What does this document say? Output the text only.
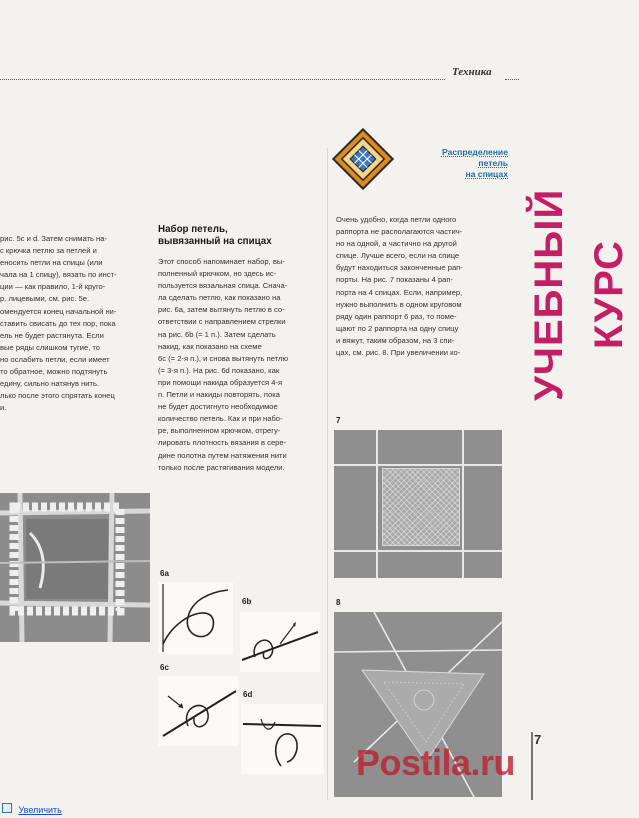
Техника
рис. 5с и d. Затем снимать на-
с крючка петлю за петлей и
еносить петли на спицы (или
чала на 1 спицу), вязать по инст-
ции — как правило, 1-й круго-
р. лицевыми, см. рис. 5е.
омендуется конец начальной ни-
ставить свисать до тех пор, пока
ель не будет растянута. Если
вые ряды слишком тугие, то
но ослабить петли, если имеет
то обратное, можно подтянуть
едину, сильно натянув нить.
лько после этого спрятать конец
и.
Набор петель,
вывязанный на спицах
Этот способ напоминает набор, вы-
полненный крючком, но здесь ис-
пользуется вязальная спица. Сначa-
ла сделать петлю, как показано на
рис. 6а, затем вытянуть петлю в со-
ответствии с направлением стрелки
на рис. 6b (= 1 п.). Затем сделать
накид, как показано на схеме
6c (= 2-я п.), и снова вытянуть петлю
(= 3-я п.). На рис. 6d показано, как
при помощи накида образуется 4-я
п. Петли и накиды повторять, пока
не будет достигнуто необходимое
количество петель. Как и при набо-
ре, выполненном крючком, отрегу-
лировать плотность вязания в сере-
дине полотна путем натяжения нити
только после растягивания модели.
6a
6b
6c
6d
Распределение
петель
на спицах
Очень удобно, когда петли одного
раппорта не располагаются частич-
но на одной, а частично на другой
спице. Лучше всего, если на спице
будут находиться законченные рап-
порты. На рис. 7 показаны 4 рап-
порта на 4 спицах. Если, например,
нужно выполнить в одном круговом
ряду один раппорт 6 раз, то поме-
щают по 2 раппорта на одну спицу
и вяжут, таким образом, на 3 спи-
цах, см. рис. 8. При увеличении ко-
7
8
УЧЕБНЫЙ КУРС
7
Postila.ru
Увеличить
